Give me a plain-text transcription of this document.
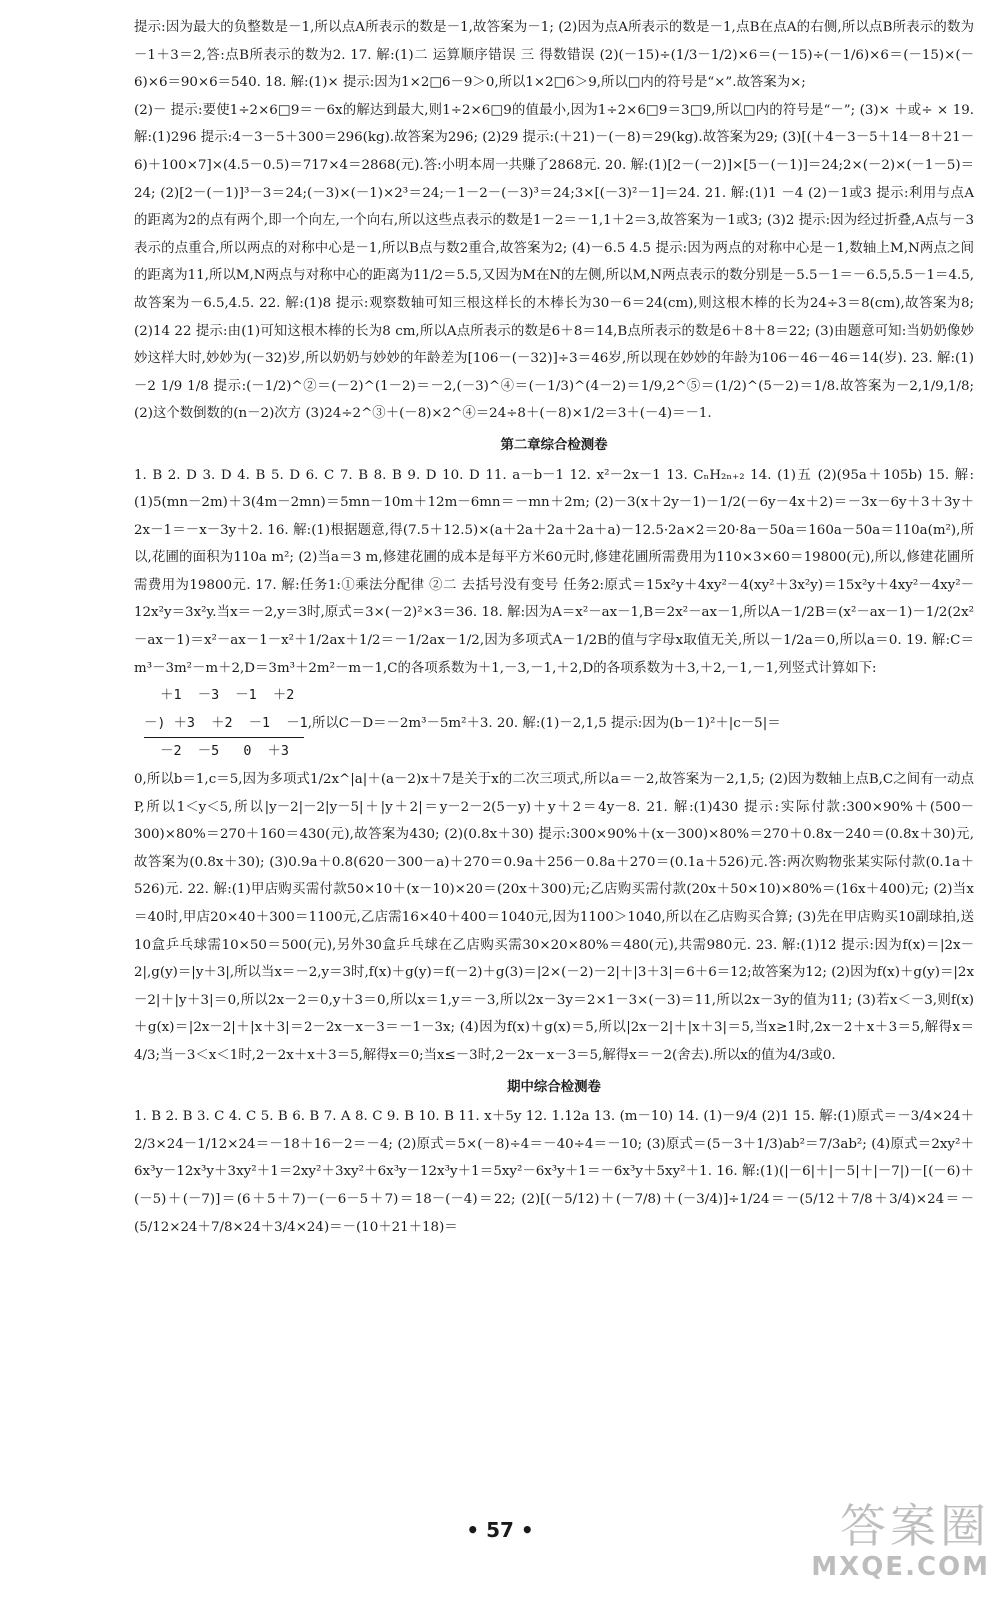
提示:因为最大的负整数是－1,所以点A所表示的数是－1,故答案为－1; (2)因为点A所表示的数是－1,点B在点A的右侧,所以点B所表示的数为－1＋3＝2,答:点B所表示的数为2. 17. 解:(1)二 运算顺序错误 三 得数错误 (2)(－15)÷(1/3－1/2)×6＝(－15)÷(－1/6)×6＝(－15)×(－6)×6＝90×6＝540. 18. 解:(1)× 提示:因为1×2□6－9＞0,所以1×2□6＞9,所以□内的符号是“×”.故答案为×;

(2)－ 提示:要使1÷2×6□9＝－6x的解达到最大,则1÷2×6□9的值最小,因为1÷2×6□9＝3□9,所以□内的符号是“－”; (3)× ＋或÷ × 19. 解:(1)296 提示:4－3－5＋300＝296(kg).故答案为296; (2)29 提示:(＋21)－(－8)＝29(kg).故答案为29; (3)[(＋4－3－5＋14－8＋21－6)＋100×7]×(4.5－0.5)＝717×4＝2868(元).答:小明本周一共赚了2868元. 20. 解:(1)[2－(－2)]×[5－(－1)]＝24;2×(－2)×(－1－5)＝24; (2)[2－(－1)]³－3＝24;(－3)×(－1)×2³＝24;－1－2－(－3)³＝24;3×[(－3)²－1]＝24. 21. 解:(1)1 －4 (2)－1或3 提示:利用与点A的距离为2的点有两个,即一个向左,一个向右,所以这些点表示的数是1－2＝－1,1＋2＝3,故答案为－1或3; (3)2 提示:因为经过折叠,A点与－3表示的点重合,所以两点的对称中心是－1,所以B点与数2重合,故答案为2; (4)－6.5 4.5 提示:因为两点的对称中心是－1,数轴上M,N两点之间的距离为11,所以M,N两点与对称中心的距离为11/2＝5.5,又因为M在N的左侧,所以M,N两点表示的数分别是－5.5－1＝－6.5,5.5－1＝4.5,故答案为－6.5,4.5. 22. 解:(1)8 提示:观察数轴可知三根这样长的木棒长为30－6＝24(cm),则这根木棒的长为24÷3＝8(cm),故答案为8; (2)14 22 提示:由(1)可知这根木棒的长为8 cm,所以A点所表示的数是6＋8＝14,B点所表示的数是6＋8＋8＝22; (3)由题意可知:当奶奶像妙妙这样大时,妙妙为(－32)岁,所以奶奶与妙妙的年龄差为[106－(－32)]÷3＝46岁,所以现在妙妙的年龄为106－46－46＝14(岁). 23. 解:(1)－2 1/9 1/8 提示:(－1/2)^②＝(－2)^(1－2)＝－2,(－3)^④＝(－1/3)^(4－2)＝1/9,2^⑤＝(1/2)^(5－2)＝1/8.故答案为－2,1/9,1/8; (2)这个数倒数的(n－2)次方 (3)24÷2^③＋(－8)×2^④＝24÷8＋(－8)×1/2＝3＋(－4)＝－1.

第二章综合检测卷

1. B 2. D 3. D 4. B 5. D 6. C 7. B 8. B 9. D 10. D 11. a－b－1 12. x²－2x－1 13. CₙH₂ₙ₊₂ 14. (1)五 (2)(95a＋105b) 15. 解:(1)5(mn－2m)＋3(4m－2mn)＝5mn－10m＋12m－6mn＝－mn＋2m; (2)－3(x＋2y－1)－1/2(－6y－4x＋2)＝－3x－6y＋3＋3y＋2x－1＝－x－3y＋2. 16. 解:(1)根据题意,得(7.5＋12.5)×(a＋2a＋2a＋2a＋a)－12.5·2a×2＝20·8a－50a＝160a－50a＝110a(m²),所以,花圃的面积为110a m²; (2)当a＝3 m,修建花圃的成本是每平方米60元时,修建花圃所需费用为110×3×60＝19800(元),所以,修建花圃所需费用为19800元. 17. 解:任务1:①乘法分配律 ②二 去括号没有变号 任务2:原式＝15x²y＋4xy²－4(xy²＋3x²y)＝15x²y＋4xy²－4xy²－12x²y＝3x²y.当x＝－2,y＝3时,原式＝3×(－2)²×3＝36. 18. 解:因为A＝x²－ax－1,B＝2x²－ax－1,所以A－1/2B＝(x²－ax－1)－1/2(2x²－ax－1)＝x²－ax－1－x²＋1/2ax＋1/2＝－1/2ax－1/2,因为多项式A－1/2B的值与字母x取值无关,所以－1/2a＝0,所以a＝0. 19. 解:C＝m³－3m²－m＋2,D＝3m³＋2m²－m－1,C的各项系数为＋1,－3,－1,＋2,D的各项系数为＋3,＋2,－1,－1,列竖式计算如下:

＋1  －3  －1  ＋2
－) ＋3  ＋2  －1  －1,所以C－D＝－2m³－5m²＋3. 20. 解:(1)－2,1,5 提示:因为(b－1)²＋|c－5|＝
－2  －5   0  ＋3

0,所以b＝1,c＝5,因为多项式1/2x^|a|＋(a－2)x＋7是关于x的二次三项式,所以a＝－2,故答案为－2,1,5; (2)因为数轴上点B,C之间有一动点P,所以1＜y＜5,所以|y－2|－2|y－5|＋|y＋2|＝y－2－2(5－y)＋y＋2＝4y－8. 21. 解:(1)430 提示:实际付款:300×90%＋(500－300)×80%＝270＋160＝430(元),故答案为430; (2)(0.8x＋30) 提示:300×90%＋(x－300)×80%＝270＋0.8x－240＝(0.8x＋30)元,故答案为(0.8x＋30); (3)0.9a＋0.8(620－300－a)＋270＝0.9a＋256－0.8a＋270＝(0.1a＋526)元.答:两次购物张某实际付款(0.1a＋526)元. 22. 解:(1)甲店购买需付款50×10＋(x－10)×20＝(20x＋300)元;乙店购买需付款(20x＋50×10)×80%＝(16x＋400)元; (2)当x＝40时,甲店20×40＋300＝1100元,乙店需16×40＋400＝1040元,因为1100＞1040,所以在乙店购买合算; (3)先在甲店购买10副球拍,送10盒乒乓球需10×50＝500(元),另外30盒乒乓球在乙店购买需30×20×80%＝480(元),共需980元. 23. 解:(1)12 提示:因为f(x)＝|2x－2|,g(y)＝|y＋3|,所以当x＝－2,y＝3时,f(x)＋g(y)＝f(－2)＋g(3)＝|2×(－2)－2|＋|3＋3|＝6＋6＝12;故答案为12; (2)因为f(x)＋g(y)＝|2x－2|＋|y＋3|＝0,所以2x－2＝0,y＋3＝0,所以x＝1,y＝－3,所以2x－3y＝2×1－3×(－3)＝11,所以2x－3y的值为11; (3)若x＜－3,则f(x)＋g(x)＝|2x－2|＋|x＋3|＝2－2x－x－3＝－1－3x; (4)因为f(x)＋g(x)＝5,所以|2x－2|＋|x＋3|＝5,当x≥1时,2x－2＋x＋3＝5,解得x＝4/3;当－3＜x＜1时,2－2x＋x＋3＝5,解得x＝0;当x≤－3时,2－2x－x－3＝5,解得x＝－2(舍去).所以x的值为4/3或0.

期中综合检测卷

1. B 2. B 3. C 4. C 5. B 6. B 7. A 8. C 9. B 10. B 11. x＋5y 12. 1.12a 13. (m－10) 14. (1)－9/4 (2)1 15. 解:(1)原式＝－3/4×24＋2/3×24－1/12×24＝－18＋16－2＝－4; (2)原式＝5×(－8)÷4＝－40÷4＝－10; (3)原式＝(5－3＋1/3)ab²＝7/3ab²; (4)原式＝2xy²＋6x³y－12x³y＋3xy²＋1＝2xy²＋3xy²＋6x³y－12x³y＋1＝5xy²－6x³y＋1＝－6x³y＋5xy²＋1. 16. 解:(1)(|－6|＋|－5|＋|－7|)－[(－6)＋(－5)＋(－7)]＝(6＋5＋7)－(－6－5＋7)＝18－(－4)＝22; (2)[(－5/12)＋(－7/8)＋(－3/4)]÷1/24＝－(5/12＋7/8＋3/4)×24＝－(5/12×24＋7/8×24＋3/4×24)＝－(10＋21＋18)＝

• 57 •	答案圈
MXQE.COM
